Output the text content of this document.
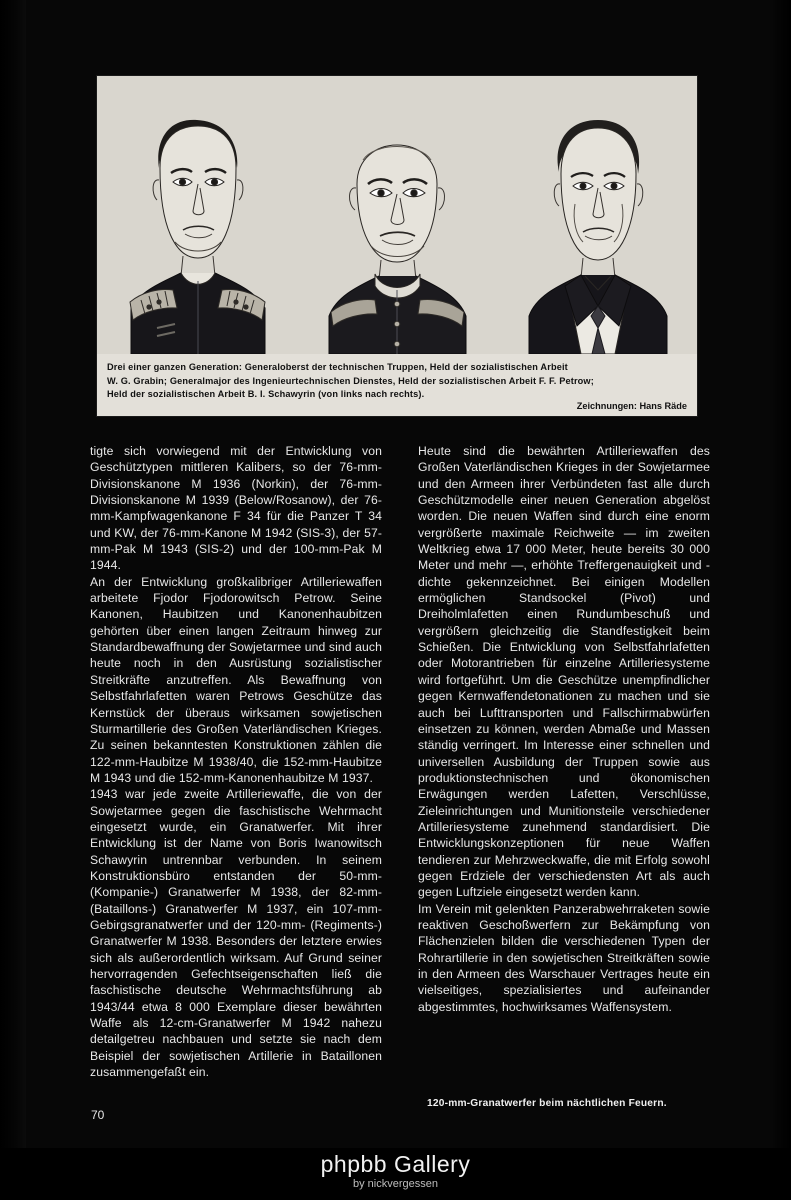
Drei einer ganzen Generation: Generaloberst der technischen Truppen, Held der sozialistischen Arbeit

W. G. Grabin; Generalmajor des Ingenieurtechnischen Dienstes, Held der sozialistischen Arbeit F. F. Petrow;

Held der sozialistischen Arbeit B. I. Schawyrin (von links nach rechts).

Zeichnungen: Hans Räde

tigte sich vorwiegend mit der Entwicklung von Geschütztypen mittleren Kalibers, so der 76-mm-Divisionskanone M 1936 (Norkin), der 76-mm-Divisionskanone M 1939 (Below/Rosanow), der 76-mm-Kampfwagenkanone F 34 für die Panzer T 34 und KW, der 76-mm-Kanone M 1942 (SIS-3), der 57-mm-Pak M 1943 (SIS-2) und der 100-mm-Pak M 1944.

An der Entwicklung großkalibriger Artilleriewaffen arbeitete Fjodor Fjodorowitsch Petrow. Seine Kanonen, Haubitzen und Kanonenhaubitzen gehörten über einen langen Zeitraum hinweg zur Standardbewaffnung der Sowjetarmee und sind auch heute noch in den Ausrüstung sozialistischer Streitkräfte anzutreffen. Als Bewaffnung von Selbstfahrlafetten waren Petrows Geschütze das Kernstück der überaus wirksamen sowjetischen Sturmartillerie des Großen Vaterländischen Krieges. Zu seinen bekanntesten Konstruktionen zählen die 122-mm-Haubitze M 1938/40, die 152-mm-Haubitze M 1943 und die 152-mm-Kanonenhaubitze M 1937.

1943 war jede zweite Artilleriewaffe, die von der Sowjetarmee gegen die faschistische Wehrmacht eingesetzt wurde, ein Granatwerfer. Mit ihrer Entwicklung ist der Name von Boris Iwanowitsch Schawyrin untrennbar verbunden. In seinem Konstruktionsbüro entstanden der 50-mm- (Kompanie-) Granatwerfer M 1938, der 82-mm- (Bataillons-) Granatwerfer M 1937, ein 107-mm-Gebirgsgranatwerfer und der 120-mm- (Regiments-) Granatwerfer M 1938. Besonders der letztere erwies sich als außerordentlich wirksam. Auf Grund seiner hervorragenden Gefechtseigenschaften ließ die faschistische deutsche Wehrmachtsführung ab 1943/44 etwa 8 000 Exemplare dieser bewährten Waffe als 12-cm-Granatwerfer M 1942 nahezu detailgetreu nachbauen und setzte sie nach dem Beispiel der sowjetischen Artillerie in Bataillonen zusammengefaßt ein.

Heute sind die bewährten Artilleriewaffen des Großen Vaterländischen Krieges in der Sowjetarmee und den Armeen ihrer Verbündeten fast alle durch Geschützmodelle einer neuen Generation abgelöst worden. Die neuen Waffen sind durch eine enorm vergrößerte maximale Reichweite — im zweiten Weltkrieg etwa 17 000 Meter, heute bereits 30 000 Meter und mehr —, erhöhte Treffergenauigkeit und -dichte gekennzeichnet. Bei einigen Modellen ermöglichen Standsockel (Pivot) und Dreiholmlafetten einen Rundumbeschuß und vergrößern gleichzeitig die Standfestigkeit beim Schießen. Die Entwicklung von Selbstfahrlafetten oder Motorantrieben für einzelne Artilleriesysteme wird fortgeführt. Um die Geschütze unempfindlicher gegen Kernwaffendetonationen zu machen und sie auch bei Lufttransporten und Fallschirmabwürfen einsetzen zu können, werden Abmaße und Massen ständig verringert. Im Interesse einer schnellen und universellen Ausbildung der Truppen sowie aus produktionstechnischen und ökonomischen Erwägungen werden Lafetten, Verschlüsse, Zieleinrichtungen und Munitionsteile verschiedener Artilleriesysteme zunehmend standardisiert. Die Entwicklungskonzeptionen für neue Waffen tendieren zur Mehrzweckwaffe, die mit Erfolg sowohl gegen Erdziele der verschiedensten Art als auch gegen Luftziele eingesetzt werden kann.

Im Verein mit gelenkten Panzerabwehrraketen sowie reaktiven Geschoßwerfern zur Bekämpfung von Flächenzielen bilden die verschiedenen Typen der Rohrartillerie in den sowjetischen Streitkräften sowie in den Armeen des Warschauer Vertrages heute ein vielseitiges, spezialisiertes und aufeinander abgestimmtes, hochwirksames Waffensystem.

120-mm-Granatwerfer beim nächtlichen Feuern.
70
phpbb Gallery
by nickvergessen
